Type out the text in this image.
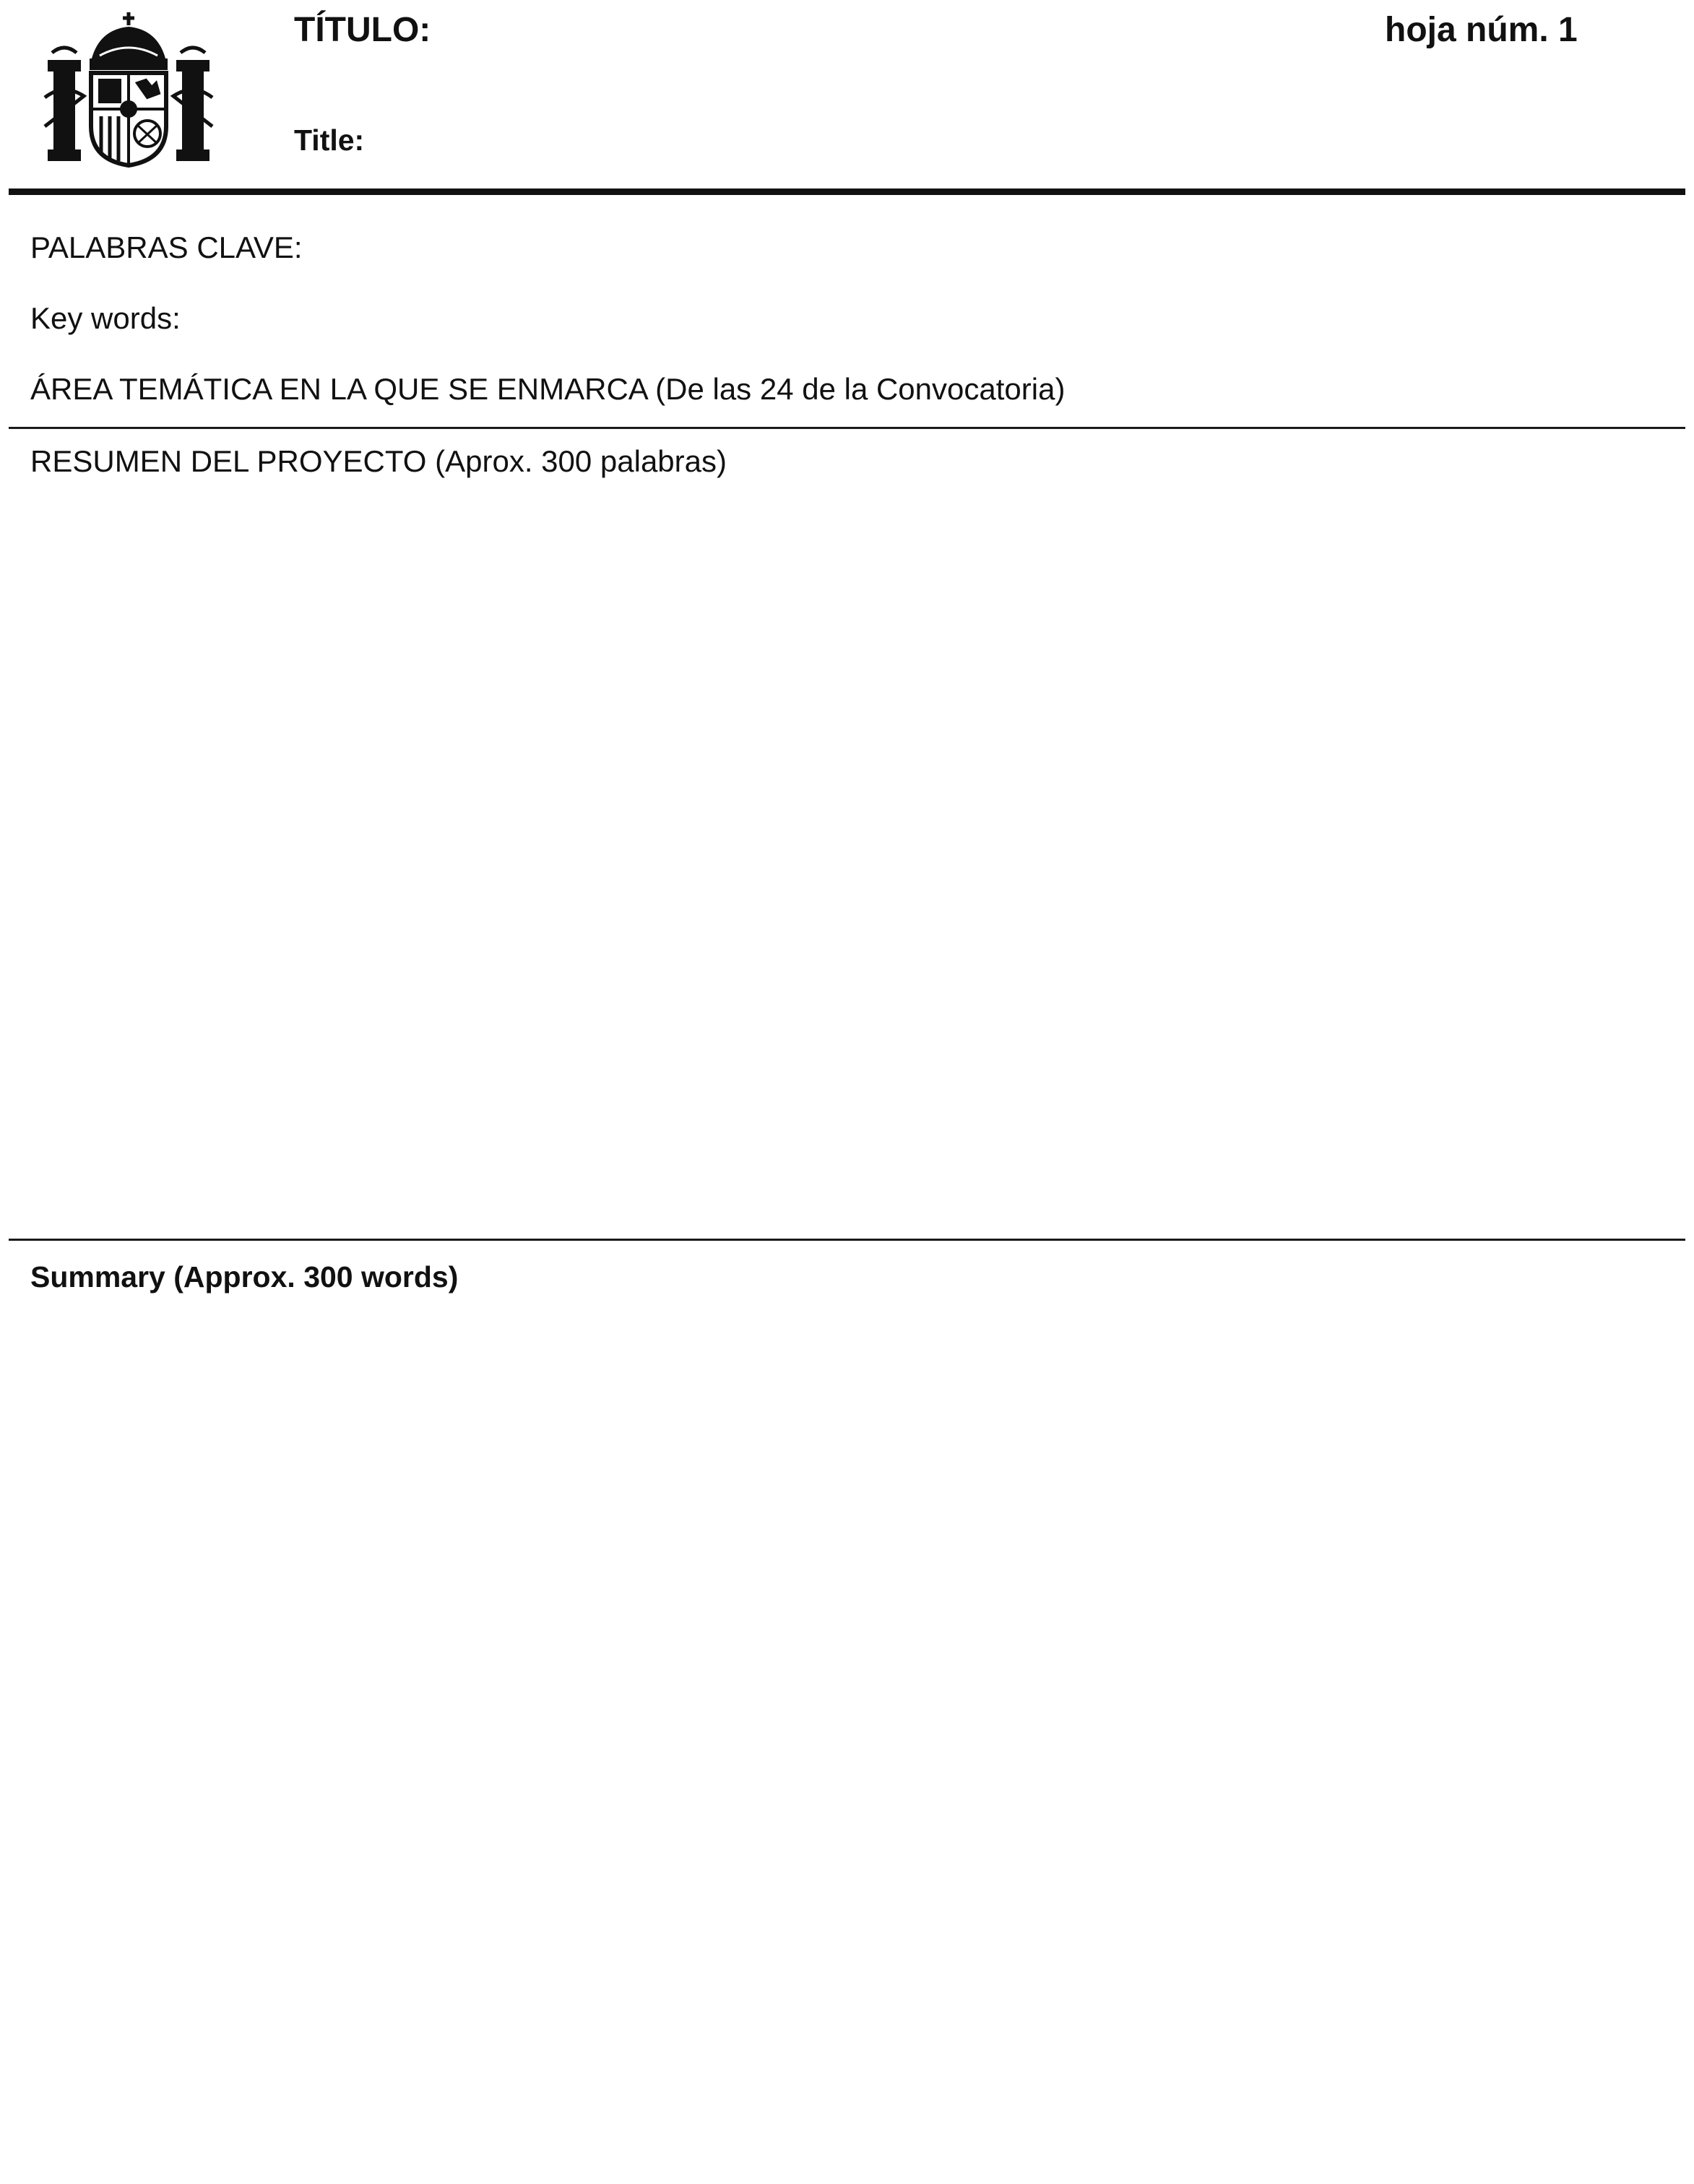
TÍTULO:	hoja núm. 1
Title:
PALABRAS CLAVE:
Key words:
ÁREA TEMÁTICA EN LA QUE SE ENMARCA (De las 24 de la Convocatoria)
RESUMEN DEL PROYECTO (Aprox. 300 palabras)
Summary (Approx. 300 words)
